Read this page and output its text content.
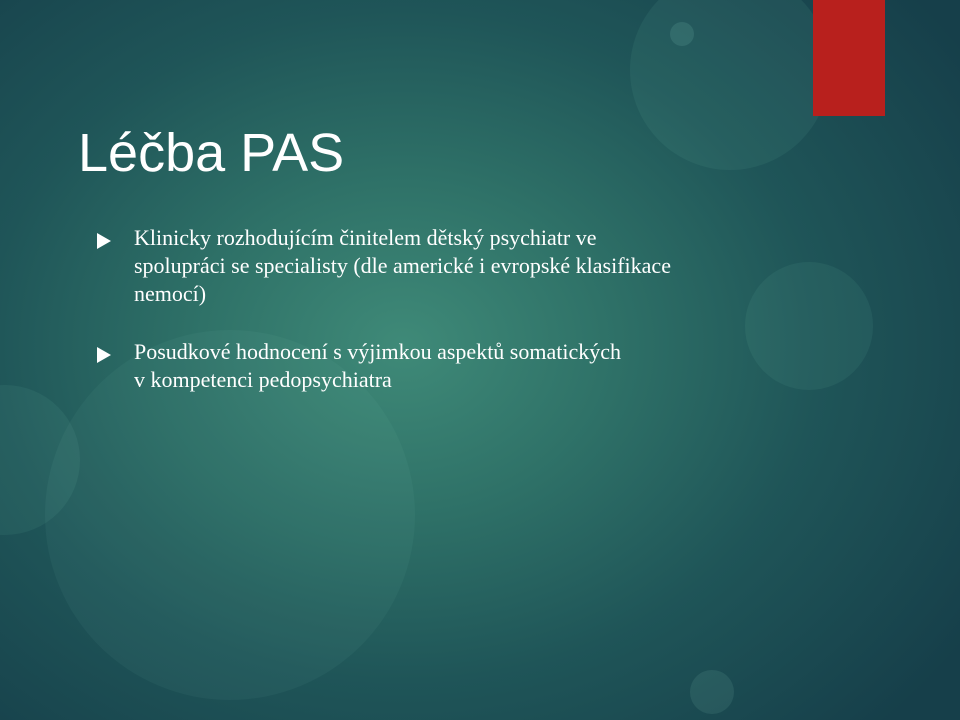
Léčba PAS
Klinicky rozhodujícím činitelem dětský psychiatr ve
spolupráci se specialisty (dle americké i evropské klasifikace
nemocí)
Posudkové hodnocení s výjimkou aspektů somatických
v kompetenci pedopsychiatra
